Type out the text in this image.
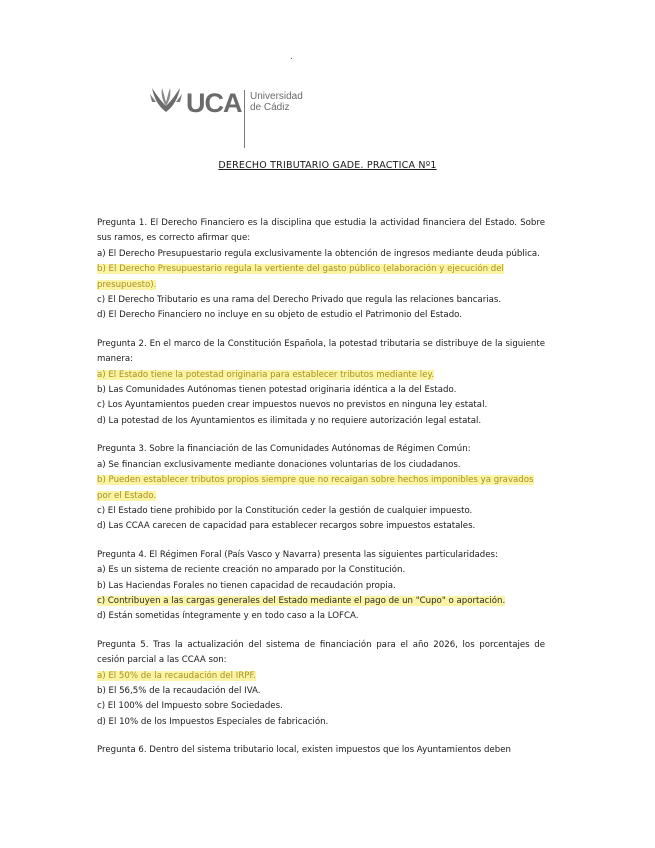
.
UCA Universidad
de Cádiz
DERECHO TRIBUTARIO GADE. PRACTICA Nº1
Pregunta 1. El Derecho Financiero es la disciplina que estudia la actividad financiera del Estado. Sobre sus ramos, es correcto afirmar que:
a) El Derecho Presupuestario regula exclusivamente la obtención de ingresos mediante deuda pública.
b) El Derecho Presupuestario regula la vertiente del gasto público (elaboración y ejecución del
presupuesto).
c) El Derecho Tributario es una rama del Derecho Privado que regula las relaciones bancarias.
d) El Derecho Financiero no incluye en su objeto de estudio el Patrimonio del Estado.
Pregunta 2. En el marco de la Constitución Española, la potestad tributaria se distribuye de la siguiente manera:
a) El Estado tiene la potestad originaria para establecer tributos mediante ley.
b) Las Comunidades Autónomas tienen potestad originaria idéntica a la del Estado.
c) Los Ayuntamientos pueden crear impuestos nuevos no previstos en ninguna ley estatal.
d) La potestad de los Ayuntamientos es ilimitada y no requiere autorización legal estatal.
Pregunta 3. Sobre la financiación de las Comunidades Autónomas de Régimen Común:
a) Se financian exclusivamente mediante donaciones voluntarias de los ciudadanos.
b) Pueden establecer tributos propios siempre que no recaigan sobre hechos imponibles ya gravados
por el Estado.
c) El Estado tiene prohibido por la Constitución ceder la gestión de cualquier impuesto.
d) Las CCAA carecen de capacidad para establecer recargos sobre impuestos estatales.
Pregunta 4. El Régimen Foral (País Vasco y Navarra) presenta las siguientes particularidades:
a) Es un sistema de reciente creación no amparado por la Constitución.
b) Las Haciendas Forales no tienen capacidad de recaudación propia.
c) Contribuyen a las cargas generales del Estado mediante el pago de un "Cupo" o aportación.
d) Están sometidas íntegramente y en todo caso a la LOFCA.
Pregunta 5. Tras la actualización del sistema de financiación para el año 2026, los porcentajes de cesión parcial a las CCAA son:
a) El 50% de la recaudación del IRPF.
b) El 56,5% de la recaudación del IVA.
c) El 100% del Impuesto sobre Sociedades.
d) El 10% de los Impuestos Especiales de fabricación.
Pregunta 6. Dentro del sistema tributario local, existen impuestos que los Ayuntamientos deben
